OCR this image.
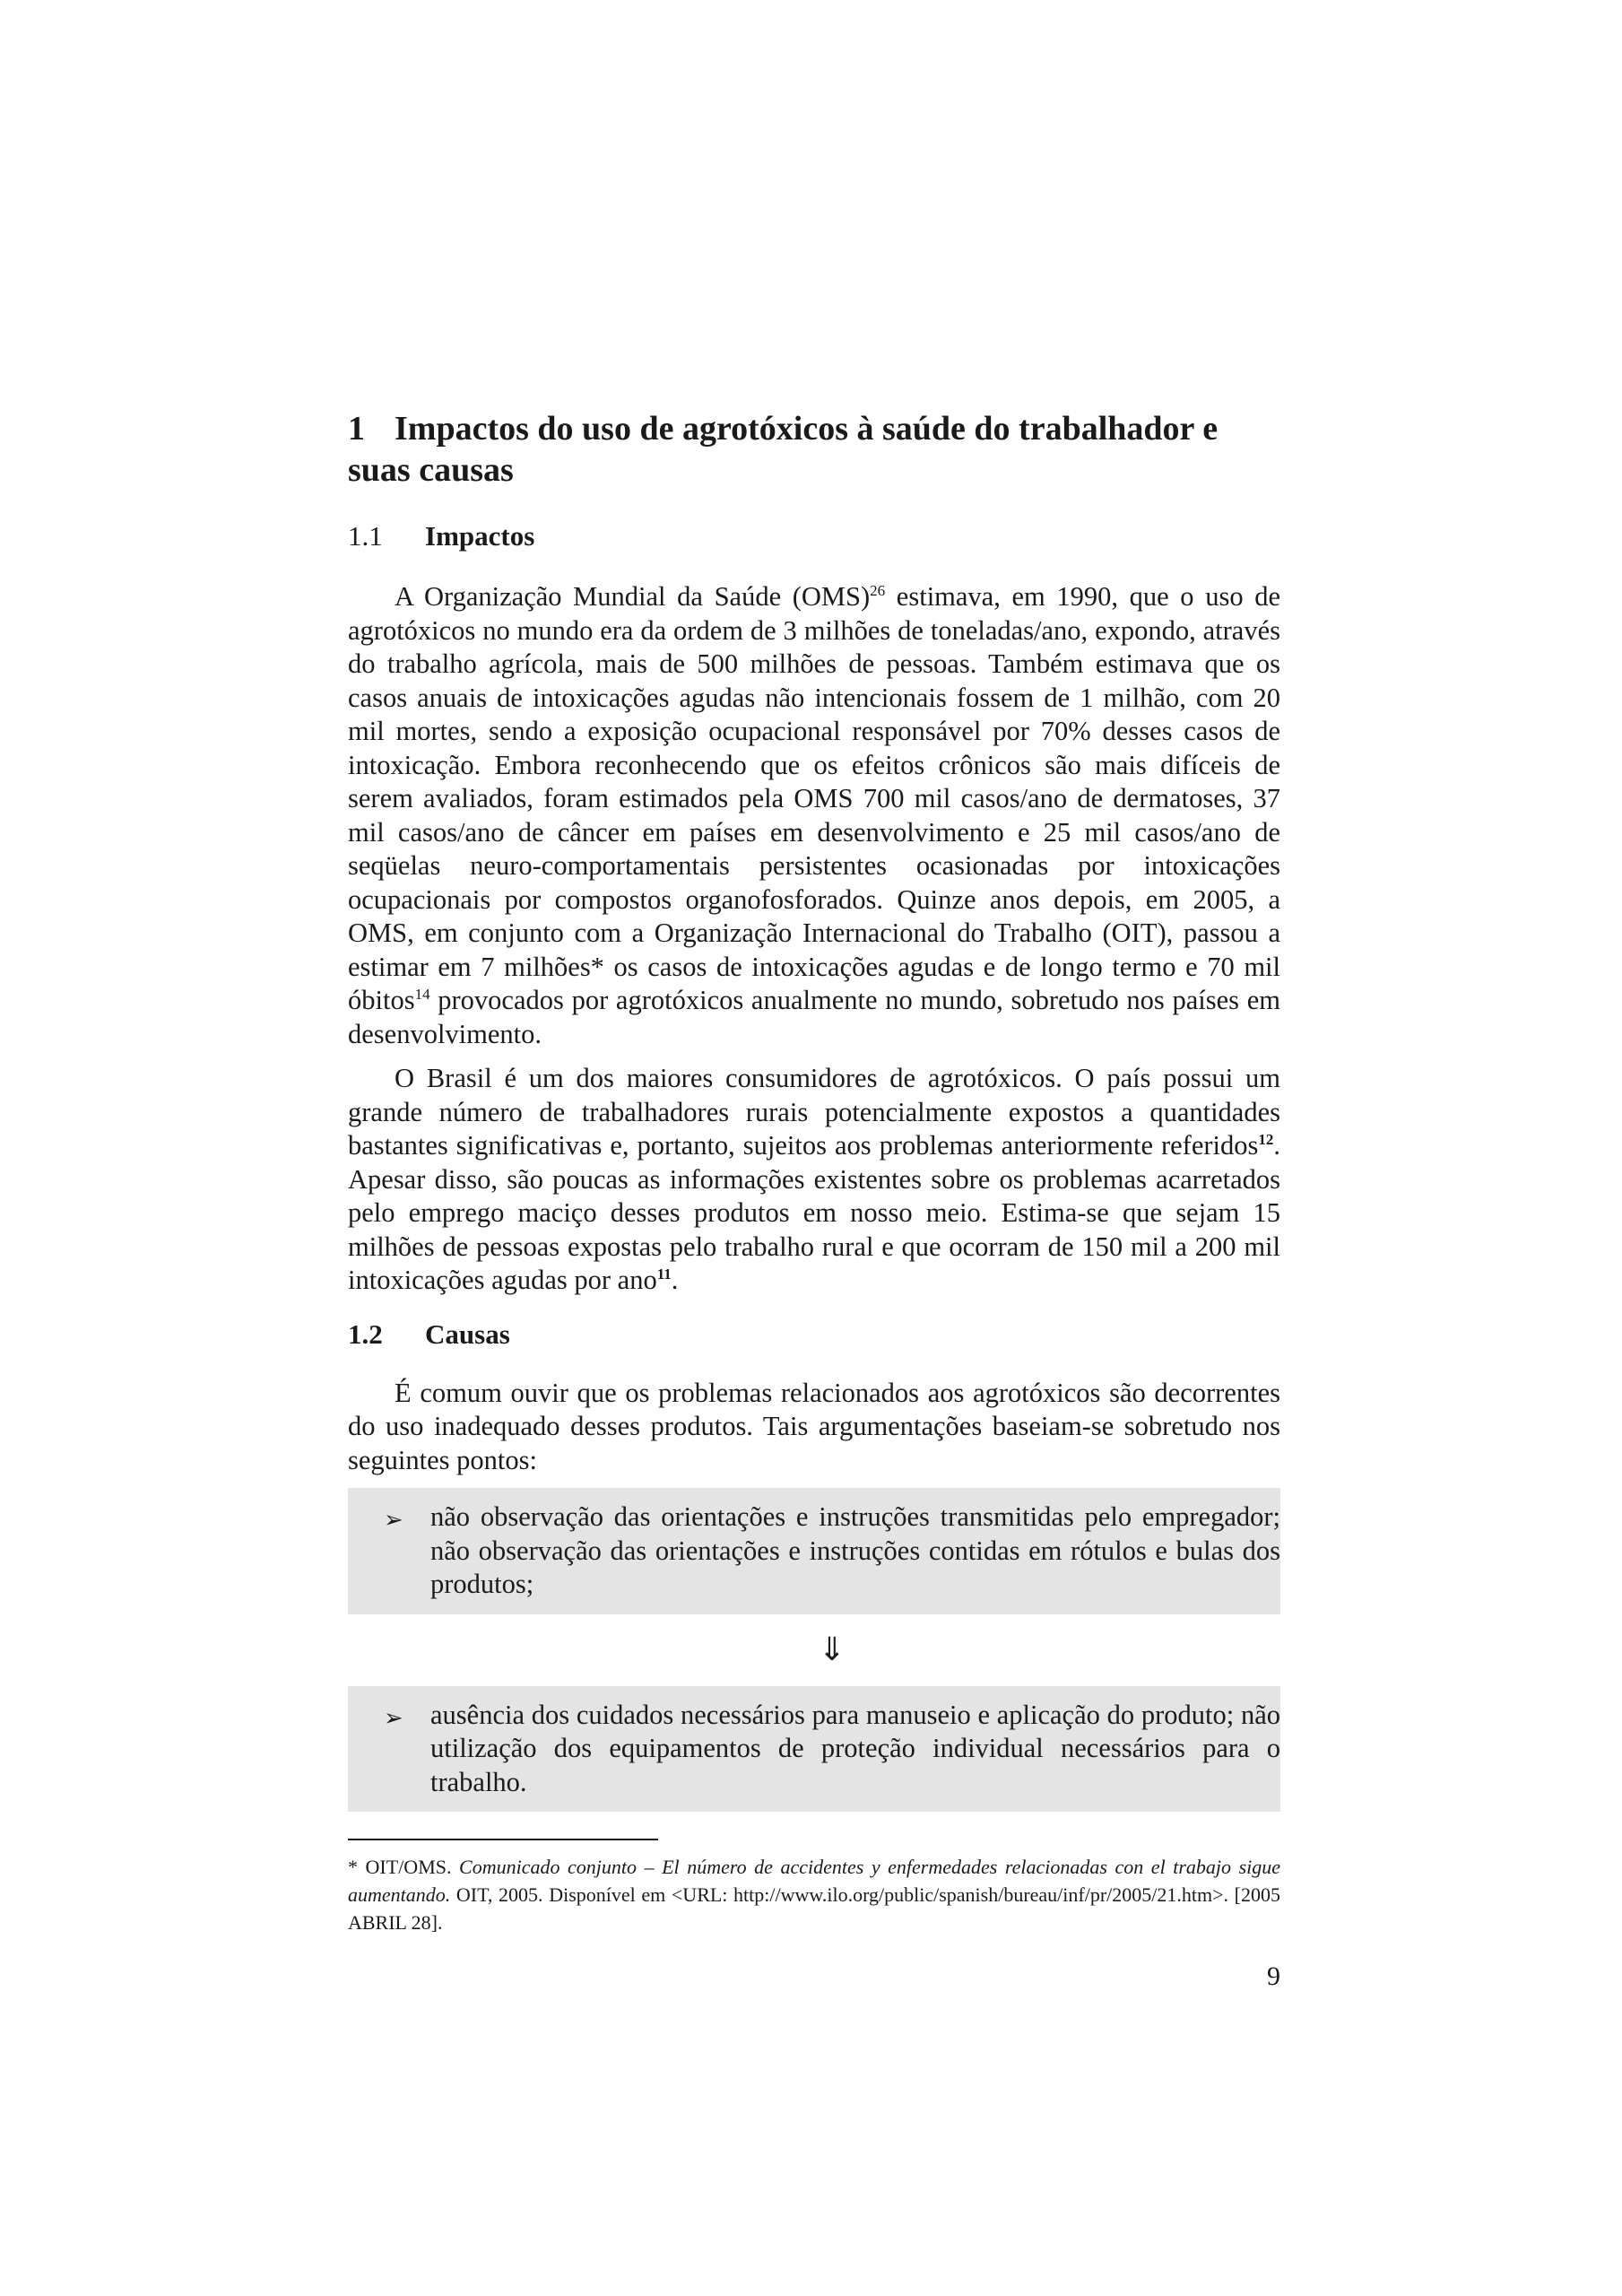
1 Impactos do uso de agrotóxicos à saúde do trabalhador e suas causas
1.1 Impactos

A Organização Mundial da Saúde (OMS)$^{26}$ estimava, em 1990, que o uso de agrotóxicos no mundo era da ordem de 3 milhões de toneladas/ano, expondo, através do trabalho agrícola, mais de 500 milhões de pessoas. Também estimava que os casos anuais de intoxicações agudas não intencionais fossem de 1 milhão, com 20 mil mortes, sendo a exposição ocupacional responsável por 70% desses casos de intoxicação. Embora reconhecendo que os efeitos crônicos são mais difíceis de serem avaliados, foram estimados pela OMS 700 mil casos/ano de dermatoses, 37 mil casos/ano de câncer em países em desenvolvimento e 25 mil casos/ano de seqüelas neuro-comportamentais persistentes ocasionadas por intoxicações ocupacionais por compostos organofosforados. Quinze anos depois, em 2005, a OMS, em conjunto com a Organização Internacional do Trabalho (OIT), passou a estimar em 7 milhões* os casos de intoxicações agudas e de longo termo e 70 mil óbitos$^{14}$ provocados por agrotóxicos anualmente no mundo, sobretudo nos países em desenvolvimento.

O Brasil é um dos maiores consumidores de agrotóxicos. O país possui um grande número de trabalhadores rurais potencialmente expostos a quantidades bastantes significativas e, portanto, sujeitos aos problemas anteriormente referidos$^{12}$. Apesar disso, são poucas as informações existentes sobre os problemas acarretados pelo emprego maciço desses produtos em nosso meio. Estima-se que sejam 15 milhões de pessoas expostas pelo trabalho rural e que ocorram de 150 mil a 200 mil intoxicações agudas por ano$^{11}$.

1.2 Causas

É comum ouvir que os problemas relacionados aos agrotóxicos são decorrentes do uso inadequado desses produtos. Tais argumentações baseiam-se sobretudo nos seguintes pontos:

➢ não observação das orientações e instruções transmitidas pelo empregador; não observação das orientações e instruções contidas em rótulos e bulas dos produtos;
⇓
➢ ausência dos cuidados necessários para manuseio e aplicação do produto; não utilização dos equipamentos de proteção individual necessários para o trabalho.

* OIT/OMS. Comunicado conjunto – El número de accidentes y enfermedades relacionadas con el trabajo sigue aumentando. OIT, 2005. Disponível em <URL: http://www.ilo.org/public/spanish/bureau/inf/pr/2005/21.htm>. [2005 ABRIL 28].

9
